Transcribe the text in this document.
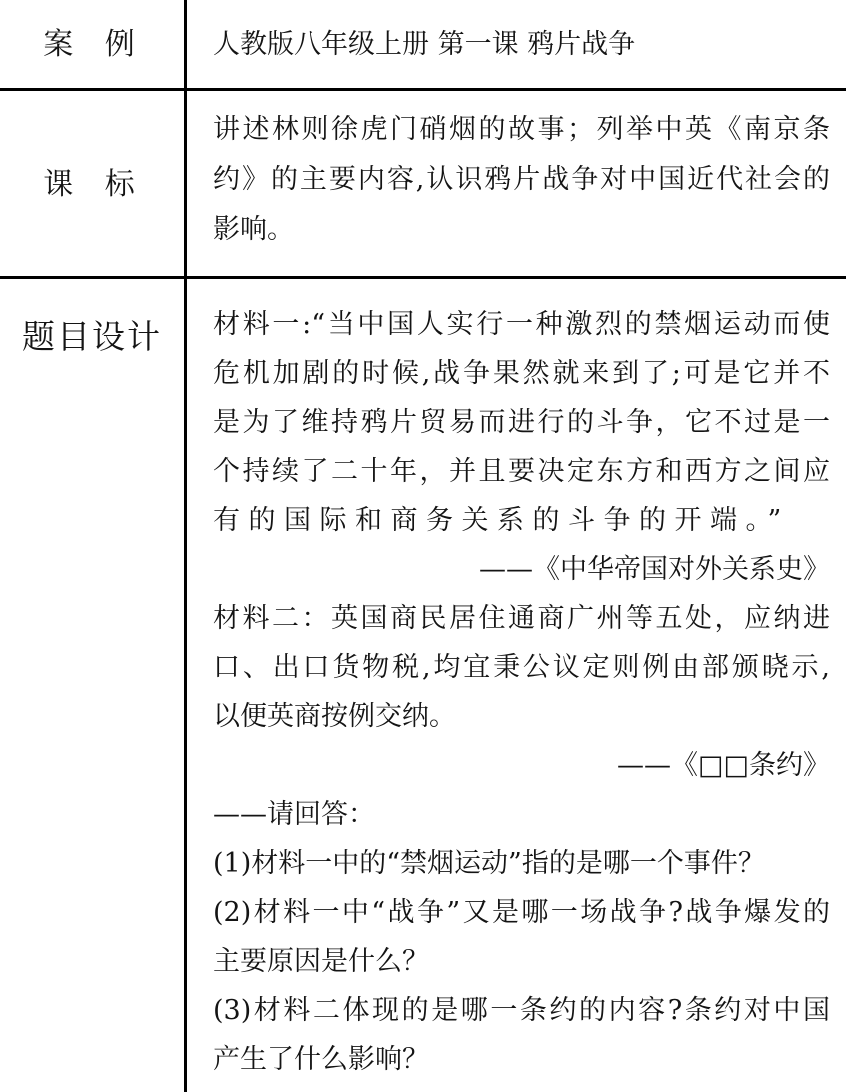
案 例	人教版八年级上册 第一课 鸦片战争
课 标
讲述林则徐虎门硝烟的故事；列举中英《南京条
约》的主要内容,认识鸦片战争对中国近代社会的
影响。
题目设计	材料一:“当中国人实行一种激烈的禁烟运动而使
危机加剧的时候,战争果然就来到了;可是它并不
是为了维持鸦片贸易而进行的斗争，它不过是一
个持续了二十年，并且要决定东方和西方之间应
有的国际和商务关系的斗争的开端。”
——《中华帝国对外关系史》
材料二：英国商民居住通商广州等五处，应纳进
口、出口货物税,均宜秉公议定则例由部颁晓示,
以便英商按例交纳。
——《□□条约》
——请回答：
(1)材料一中的“禁烟运动”指的是哪一个事件？
(2)材料一中“战争”又是哪一场战争?战争爆发的
主要原因是什么？
(3)材料二体现的是哪一条约的内容?条约对中国
产生了什么影响？
